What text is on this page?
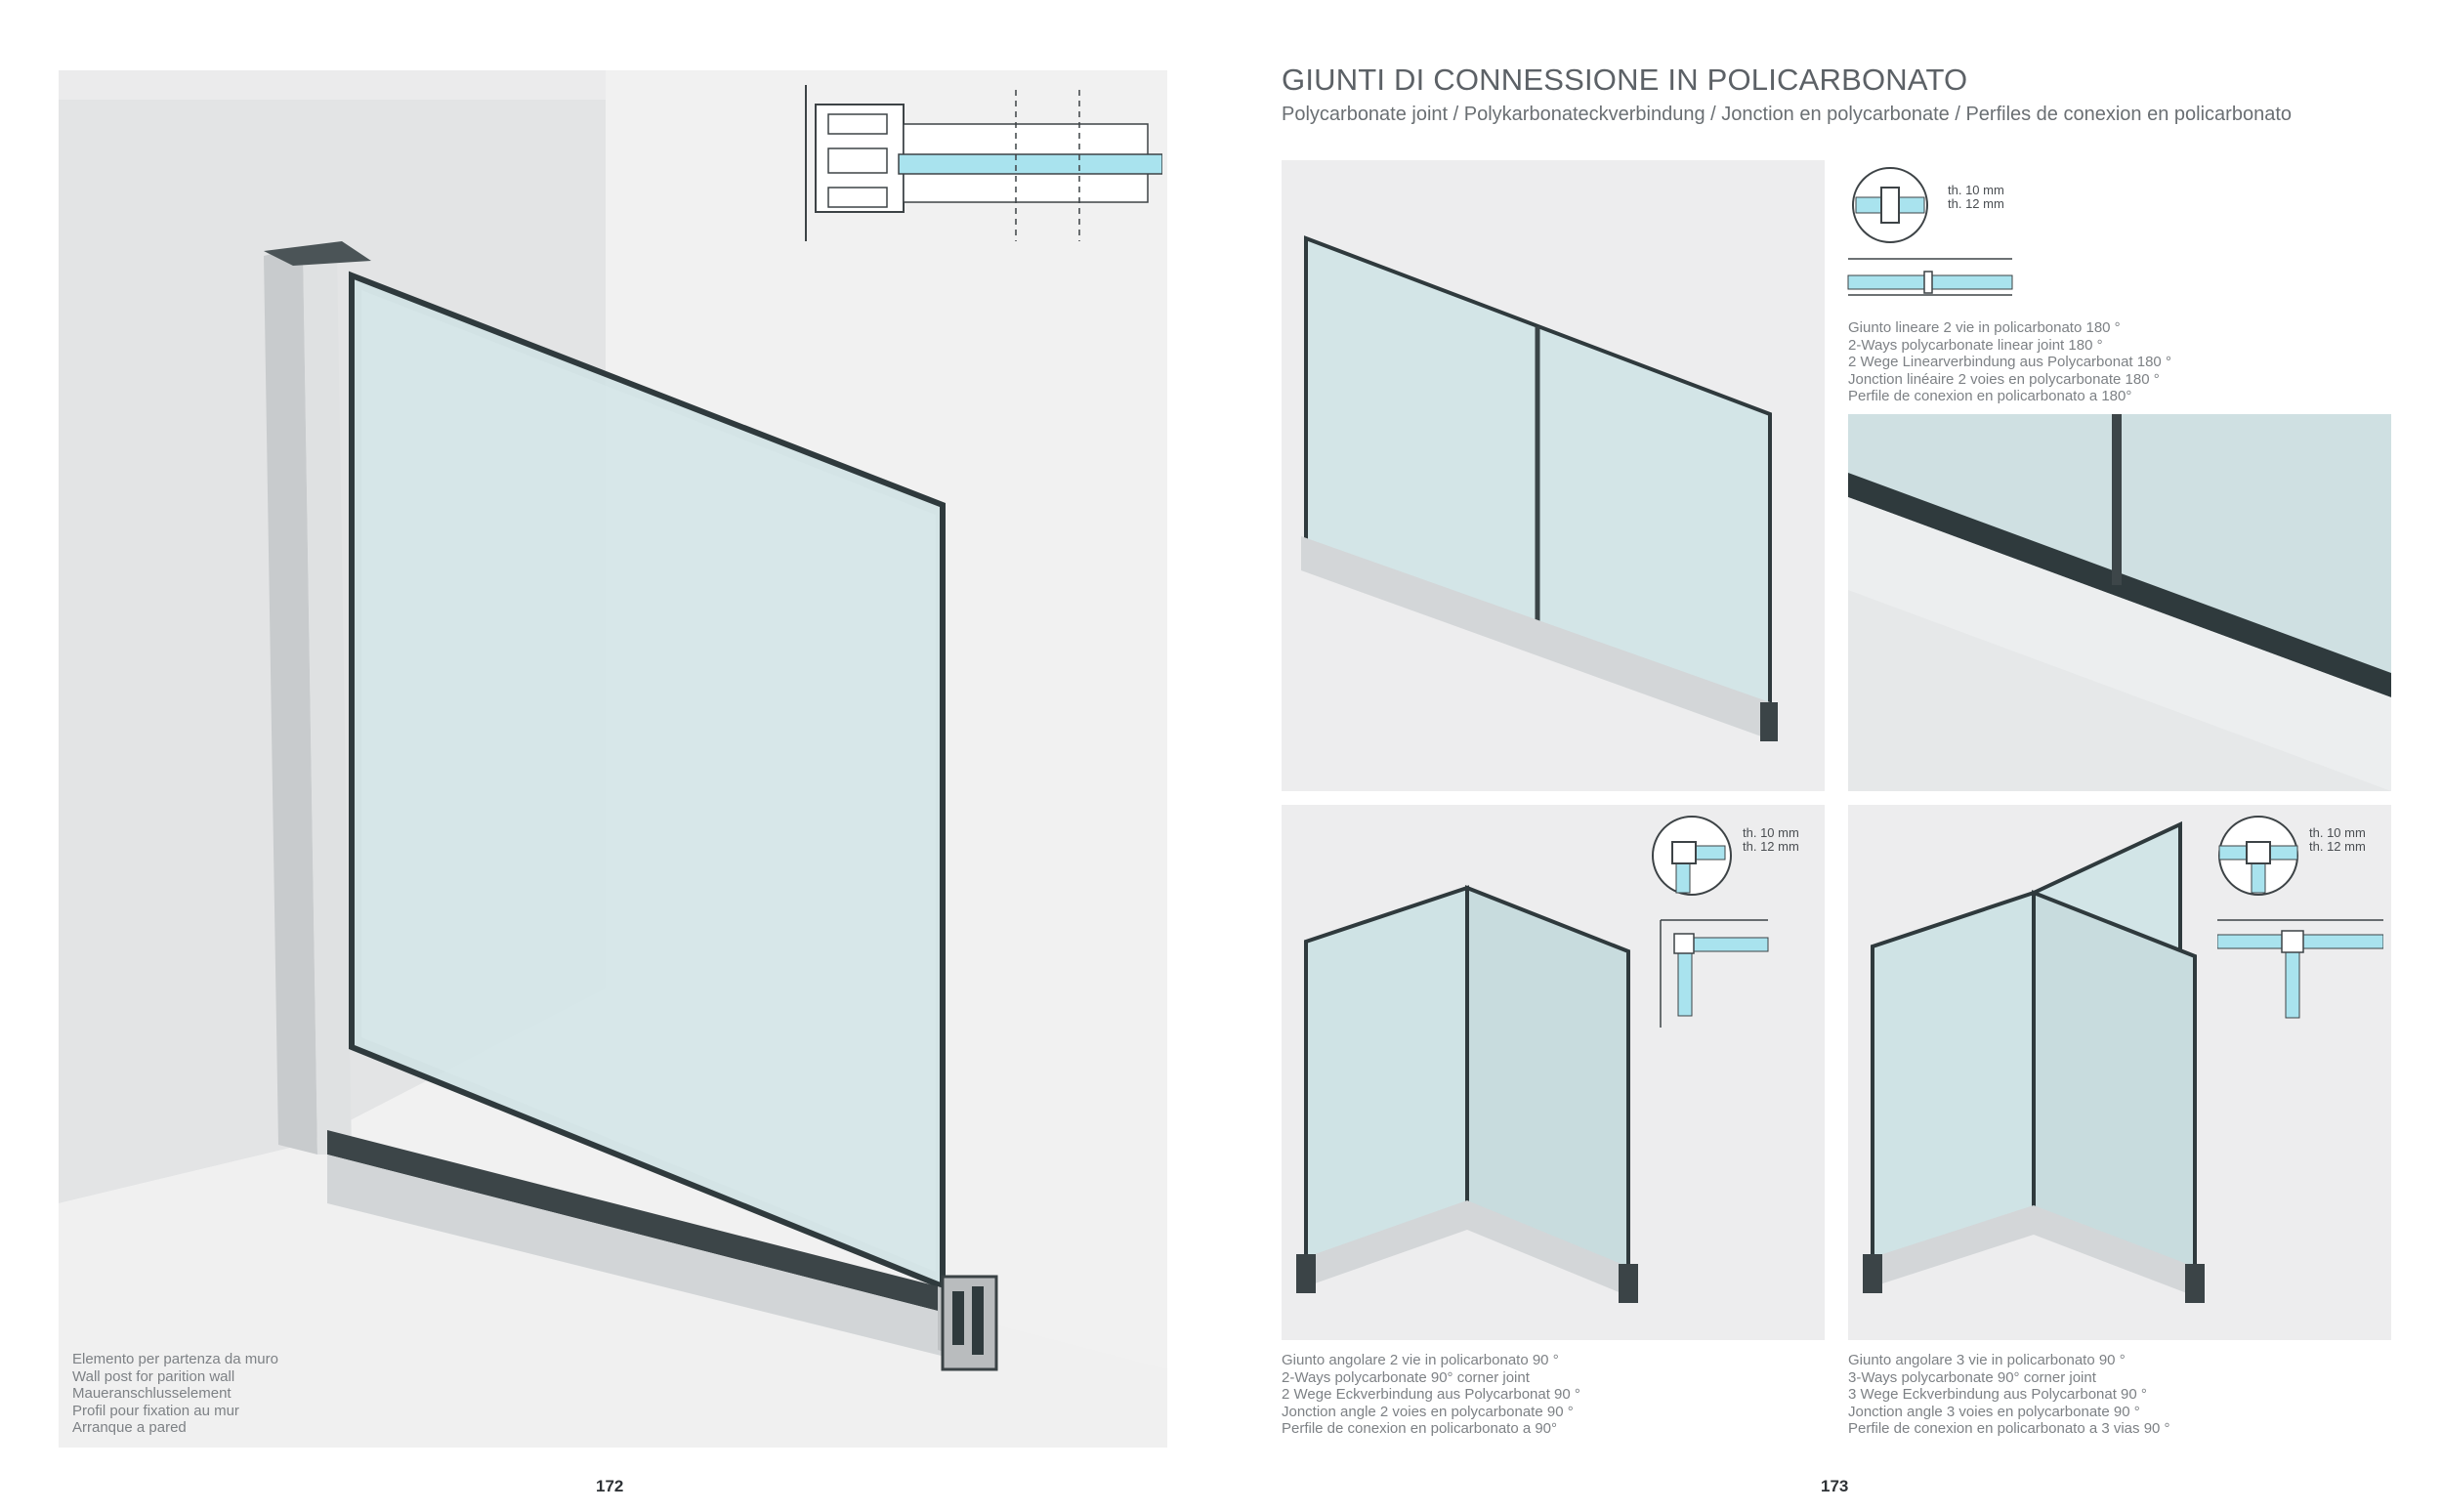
Elemento per partenza da muro
Wall post for parition wall
Maueranschlusselement
Profil pour fixation au mur
Arranque a pared
172
GIUNTI DI CONNESSIONE IN POLICARBONATO
Polycarbonate joint / Polykarbonateckverbindung / Jonction en polycarbonate / Perfiles de conexion en policarbonato
th. 10 mm
th. 12 mm
Giunto lineare 2 vie in policarbonato 180 °
2-Ways polycarbonate linear joint 180 °
2 Wege Linearverbindung aus Polycarbonat 180 °
Jonction linéaire 2 voies en polycarbonate 180 °
Perfile de conexion en policarbonato a 180°
th. 10 mm
th. 12 mm
Giunto angolare 2 vie in policarbonato 90 °
2-Ways polycarbonate 90° corner joint
2 Wege Eckverbindung aus Polycarbonat 90 °
Jonction angle 2 voies en polycarbonate 90 °
Perfile de conexion en policarbonato a 90°
th. 10 mm
th. 12 mm
Giunto angolare 3 vie in policarbonato 90 °
3-Ways polycarbonate 90° corner joint
3 Wege Eckverbindung aus Polycarbonat 90 °
Jonction angle 3 voies en polycarbonate 90 °
Perfile de conexion en policarbonato a 3 vias 90 °
173
